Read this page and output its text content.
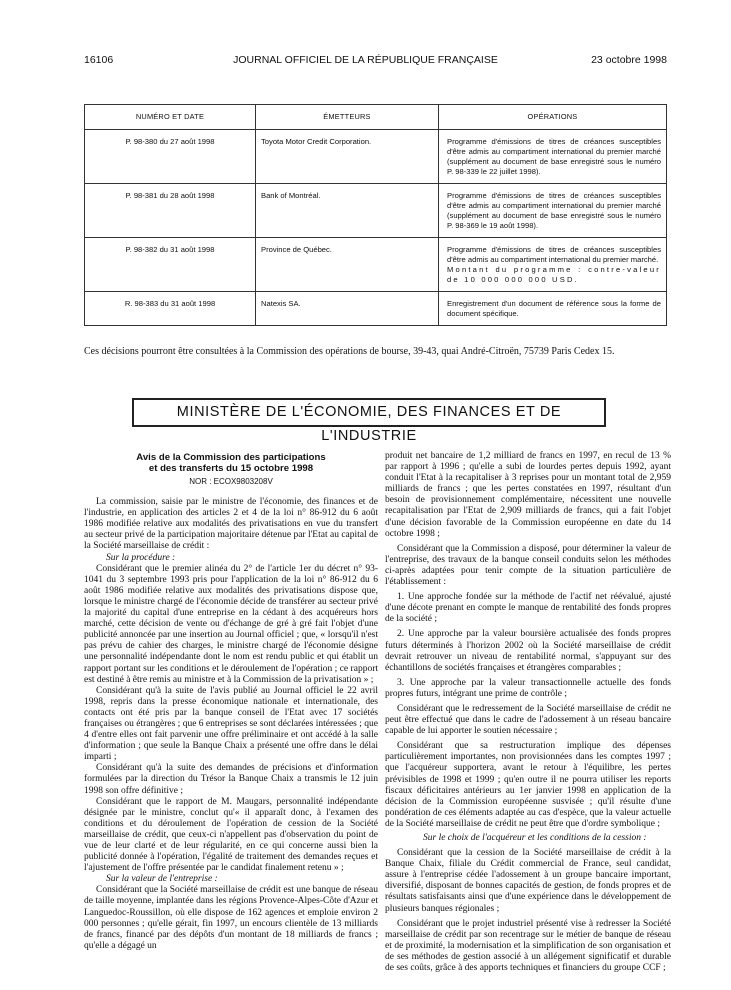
16106	JOURNAL OFFICIEL DE LA RÉPUBLIQUE FRANÇAISE	23 octobre 1998
NUMÉRO ET DATE	ÉMETTEURS	OPÉRATIONS
P. 98-380 du 27 août 1998	Toyota Motor Credit Corporation.	Programme d'émissions de titres de créances susceptibles d'être admis au compartiment international du premier marché (supplément au document de base enregistré sous le numéro P. 98-339 le 22 juillet 1998).
P. 98-381 du 28 août 1998	Bank of Montréal.	Programme d'émissions de titres de créances susceptibles d'être admis au compartiment international du premier marché (supplément au document de base enregistré sous le numéro P. 98-369 le 19 août 1998).
P. 98-382 du 31 août 1998	Province de Québec.	Programme d'émissions de titres de créances susceptibles d'être admis au compartiment international du premier marché.
Montant du programme : contre-valeur de 10 000 000 000 USD.

R. 98-383 du 31 août 1998	Natexis SA.	Enregistrement d'un document de référence sous la forme de document spécifique.
Ces décisions pourront être consultées à la Commission des opérations de bourse, 39-43, quai André-Citroën, 75739 Paris Cedex 15.
MINISTÈRE DE L'ÉCONOMIE, DES FINANCES ET DE L'INDUSTRIE

Avis de la Commission des participations

et des transferts du 15 octobre 1998

NOR : ECOX9803208V

La commission, saisie par le ministre de l'économie, des finances et de l'industrie, en application des articles 2 et 4 de la loi n° 86-912 du 6 août 1986 modifiée relative aux modalités des privatisations en vue du transfert au secteur privé de la participation majoritaire détenue par l'Etat au capital de la Société marseillaise de crédit :

Sur la procédure :

Considérant que le premier alinéa du 2° de l'article 1er du décret n° 93-1041 du 3 septembre 1993 pris pour l'application de la loi n° 86-912 du 6 août 1986 modifiée relative aux modalités des privatisations dispose que, lorsque le ministre chargé de l'économie décide de transférer au secteur privé la majorité du capital d'une entreprise en la cédant à des acquéreurs hors marché, cette décision de vente ou d'échange de gré à gré fait l'objet d'une publicité annoncée par une insertion au Journal officiel ; que, « lorsqu'il n'est pas prévu de cahier des charges, le ministre chargé de l'économie désigne une personnalité indépendante dont le nom est rendu public et qui établit un rapport portant sur les conditions et le déroulement de l'opération ; ce rapport est destiné à être remis au ministre et à la Commission de la privatisation » ;

Considérant qu'à la suite de l'avis publié au Journal officiel le 22 avril 1998, repris dans la presse économique nationale et internationale, des contacts ont été pris par la banque conseil de l'Etat avec 17 sociétés françaises ou étrangères ; que 6 entreprises se sont déclarées intéressées ; que 4 d'entre elles ont fait parvenir une offre préliminaire et ont accédé à la salle d'information ; que seule la Banque Chaix a présenté une offre dans le délai imparti ;

Considérant qu'à la suite des demandes de précisions et d'information formulées par la direction du Trésor la Banque Chaix a transmis le 12 juin 1998 son offre définitive ;

Considérant que le rapport de M. Maugars, personnalité indépendante désignée par le ministre, conclut qu'« il apparaît donc, à l'examen des conditions et du déroulement de l'opération de cession de la Société marseillaise de crédit, que ceux-ci n'appellent pas d'observation du point de vue de leur clarté et de leur régularité, en ce qui concerne aussi bien la publicité donnée à l'opération, l'égalité de traitement des demandes reçues et l'ajustement de l'offre présentée par le candidat finalement retenu » ;

Sur la valeur de l'entreprise :

Considérant que la Société marseillaise de crédit est une banque de réseau de taille moyenne, implantée dans les régions Provence-Alpes-Côte d'Azur et Languedoc-Roussillon, où elle dispose de 162 agences et emploie environ 2 000 personnes ; qu'elle gérait, fin 1997, un encours clientèle de 13 milliards de francs, financé par des dépôts d'un montant de 18 milliards de francs ; qu'elle a dégagé un

produit net bancaire de 1,2 milliard de francs en 1997, en recul de 13 % par rapport à 1996 ; qu'elle a subi de lourdes pertes depuis 1992, ayant conduit l'Etat à la recapitaliser à 3 reprises pour un montant total de 2,959 milliards de francs ; que les pertes constatées en 1997, résultant d'un besoin de provisionnement complémentaire, nécessitent une nouvelle recapitalisation par l'Etat de 2,909 milliards de francs, qui a fait l'objet d'une décision favorable de la Commission européenne en date du 14 octobre 1998 ;

Considérant que la Commission a disposé, pour déterminer la valeur de l'entreprise, des travaux de la banque conseil conduits selon les méthodes ci-après adaptées pour tenir compte de la situation particulière de l'établissement :

1. Une approche fondée sur la méthode de l'actif net réévalué, ajusté d'une décote prenant en compte le manque de rentabilité des fonds propres de la société ;

2. Une approche par la valeur boursière actualisée des fonds propres futurs déterminés à l'horizon 2002 où la Société marseillaise de crédit devrait retrouver un niveau de rentabilité normal, s'appuyant sur des échantillons de sociétés françaises et étrangères comparables ;

3. Une approche par la valeur transactionnelle actuelle des fonds propres futurs, intégrant une prime de contrôle ;

Considérant que le redressement de la Société marseillaise de crédit ne peut être effectué que dans le cadre de l'adossement à un réseau bancaire capable de lui apporter le soutien nécessaire ;

Considérant que sa restructuration implique des dépenses particulièrement importantes, non provisionnées dans les comptes 1997 ; que l'acquéreur supportera, avant le retour à l'équilibre, les pertes prévisibles de 1998 et 1999 ; qu'en outre il ne pourra utiliser les reports fiscaux déficitaires antérieurs au 1er janvier 1998 en application de la décision de la Commission européenne susvisée ; qu'il résulte d'une pondération de ces éléments adaptée au cas d'espèce, que la valeur actuelle de la Société marseillaise de crédit ne peut être que d'ordre symbolique ;

Sur le choix de l'acquéreur et les conditions de la cession :

Considérant que la cession de la Société marseillaise de crédit à la Banque Chaix, filiale du Crédit commercial de France, seul candidat, assure à l'entreprise cédée l'adossement à un groupe bancaire important, diversifié, disposant de bonnes capacités de gestion, de fonds propres et de résultats satisfaisants ainsi que d'une expérience dans le développement de plusieurs banques régionales ;

Considérant que le projet industriel présenté vise à redresser la Société marseillaise de crédit par son recentrage sur le métier de banque de réseau et de proximité, la modernisation et la simplification de son organisation et de ses méthodes de gestion associé à un allégement significatif et durable de ses coûts, grâce à des apports techniques et financiers du groupe CCF ;
